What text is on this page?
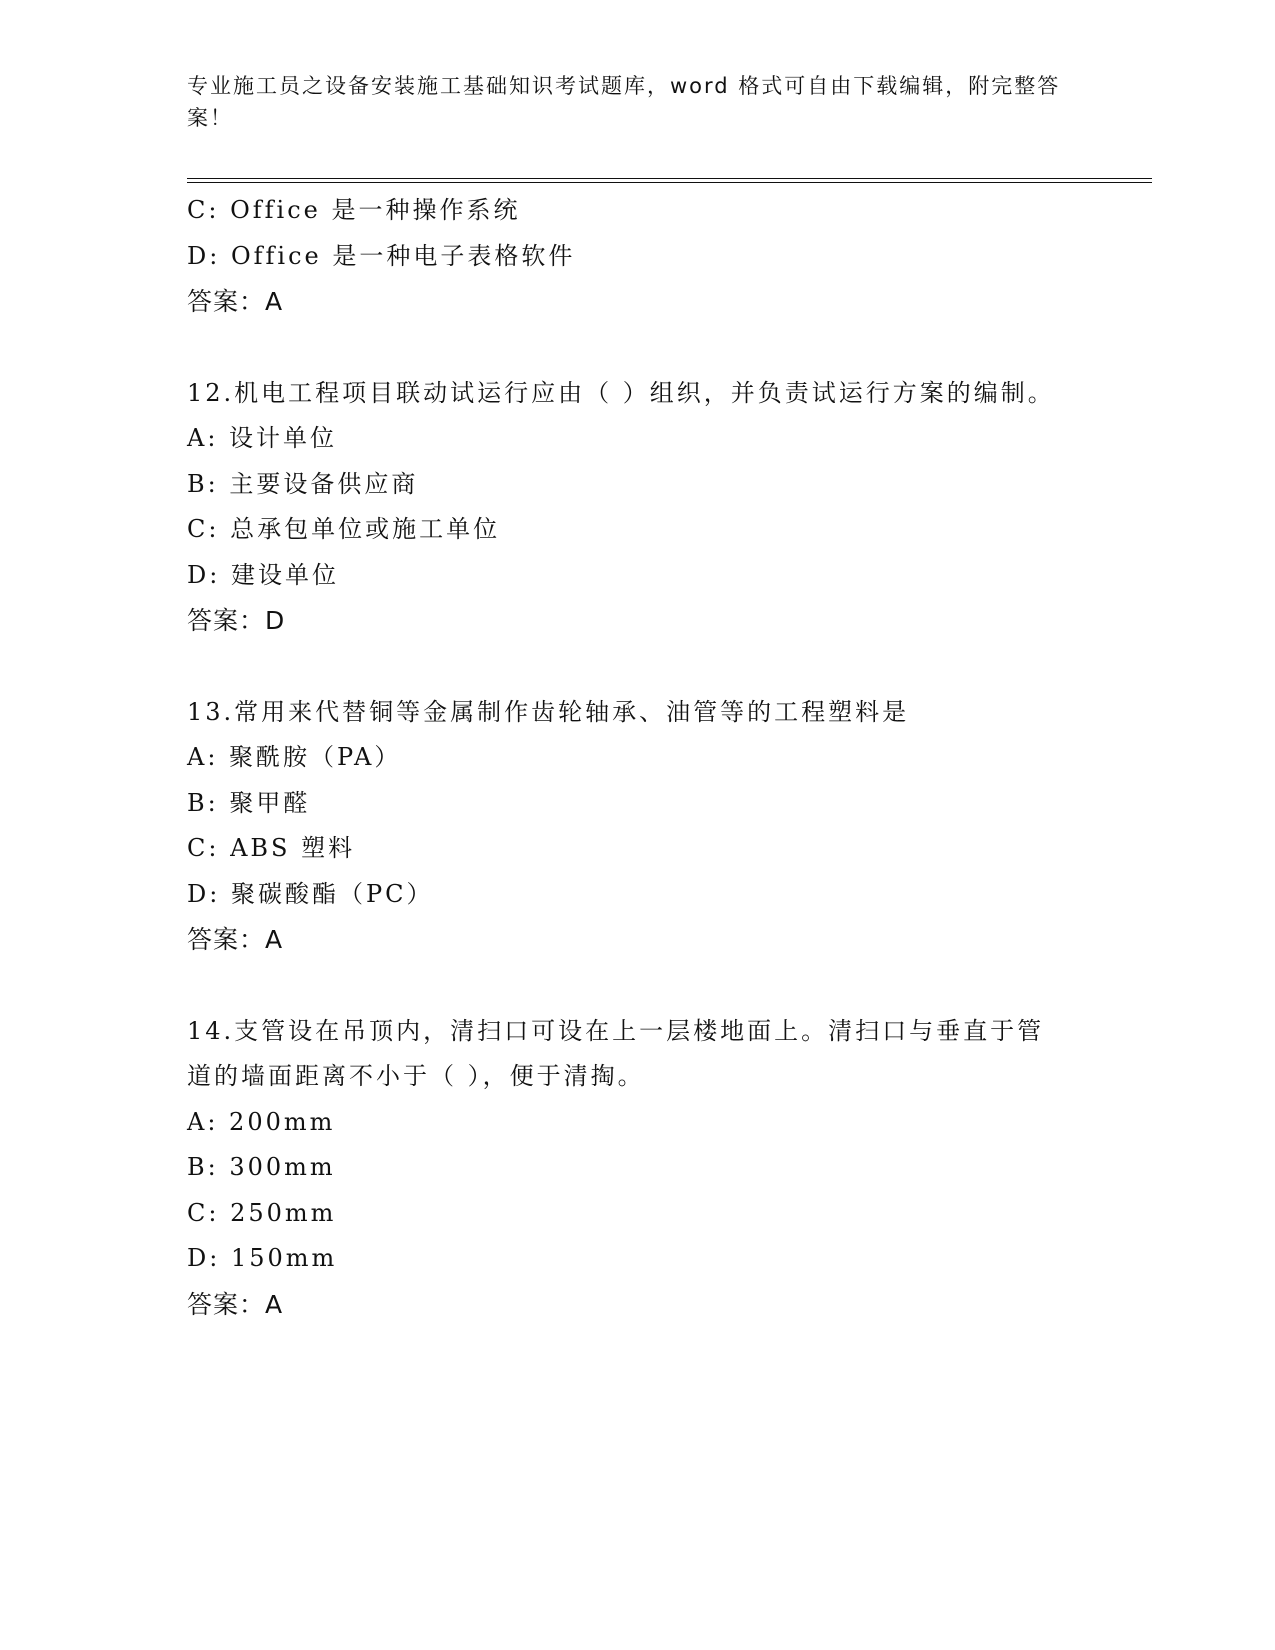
专业施工员之设备安装施工基础知识考试题库，word 格式可自由下载编辑，附完整答案！
C: Office 是一种操作系统
D: Office 是一种电子表格软件
答案：A
12.机电工程项目联动试运行应由（ ）组织，并负责试运行方案的编制。
A: 设计单位
B: 主要设备供应商
C: 总承包单位或施工单位
D: 建设单位
答案：D
13.常用来代替铜等金属制作齿轮轴承、油管等的工程塑料是
A: 聚酰胺（PA）
B: 聚甲醛
C: ABS 塑料
D: 聚碳酸酯（PC）
答案：A
14.支管设在吊顶内，清扫口可设在上一层楼地面上。清扫口与垂直于管道的墙面距离不小于（ ），便于清掏。
A: 200mm
B: 300mm
C: 250mm
D: 150mm
答案：A
